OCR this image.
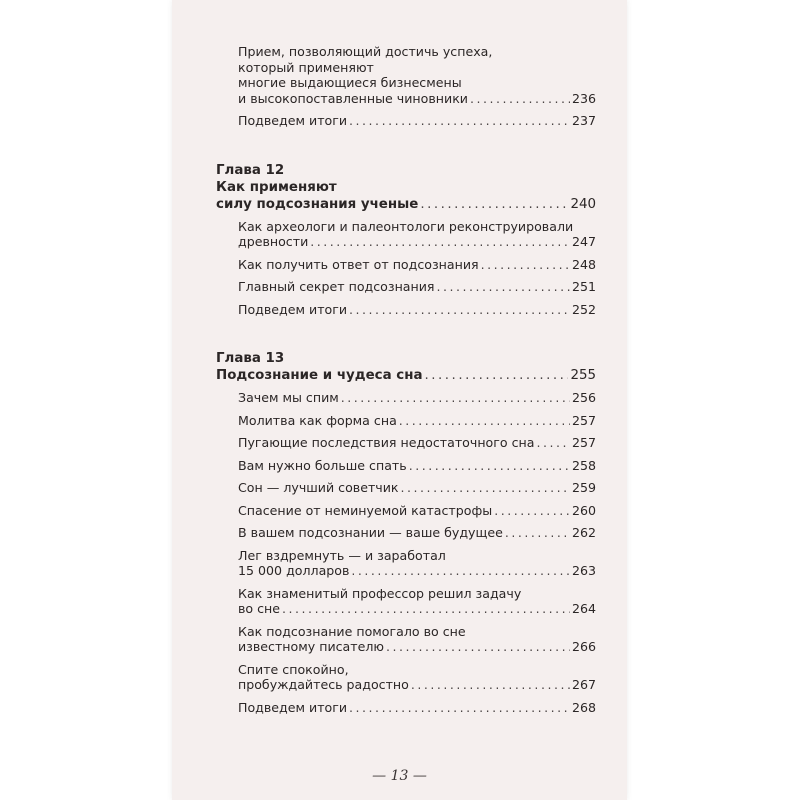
Прием, позволяющий достичь успеха,
который применяют
многие выдающиеся бизнесмены
и высокопоставленные чиновники .....	236
Подведем итоги .....	237
Глава 12
Как применяют
силу подсознания ученые .....	240
Как археологи и палеонтологи реконструировали
древности .....	247
Как получить ответ от подсознания .....	248
Главный секрет подсознания .....	251
Подведем итоги .....	252
Глава 13
Подсознание и чудеса сна .....	255
Зачем мы спим .....	256
Молитва как форма сна .....	257
Пугающие последствия недостаточного сна .....	257
Вам нужно больше спать .....	258
Сон — лучший советчик .....	259
Спасение от неминуемой катастрофы .....	260
В вашем подсознании — ваше будущее .....	262
Лег вздремнуть — и заработал
15 000 долларов .....	263
Как знаменитый профессор решил задачу
во сне .....	264
Как подсознание помогало во сне
известному писателю .....	266
Спите спокойно,
пробуждайтесь радостно .....	267
Подведем итоги .....	268
— 13 —
